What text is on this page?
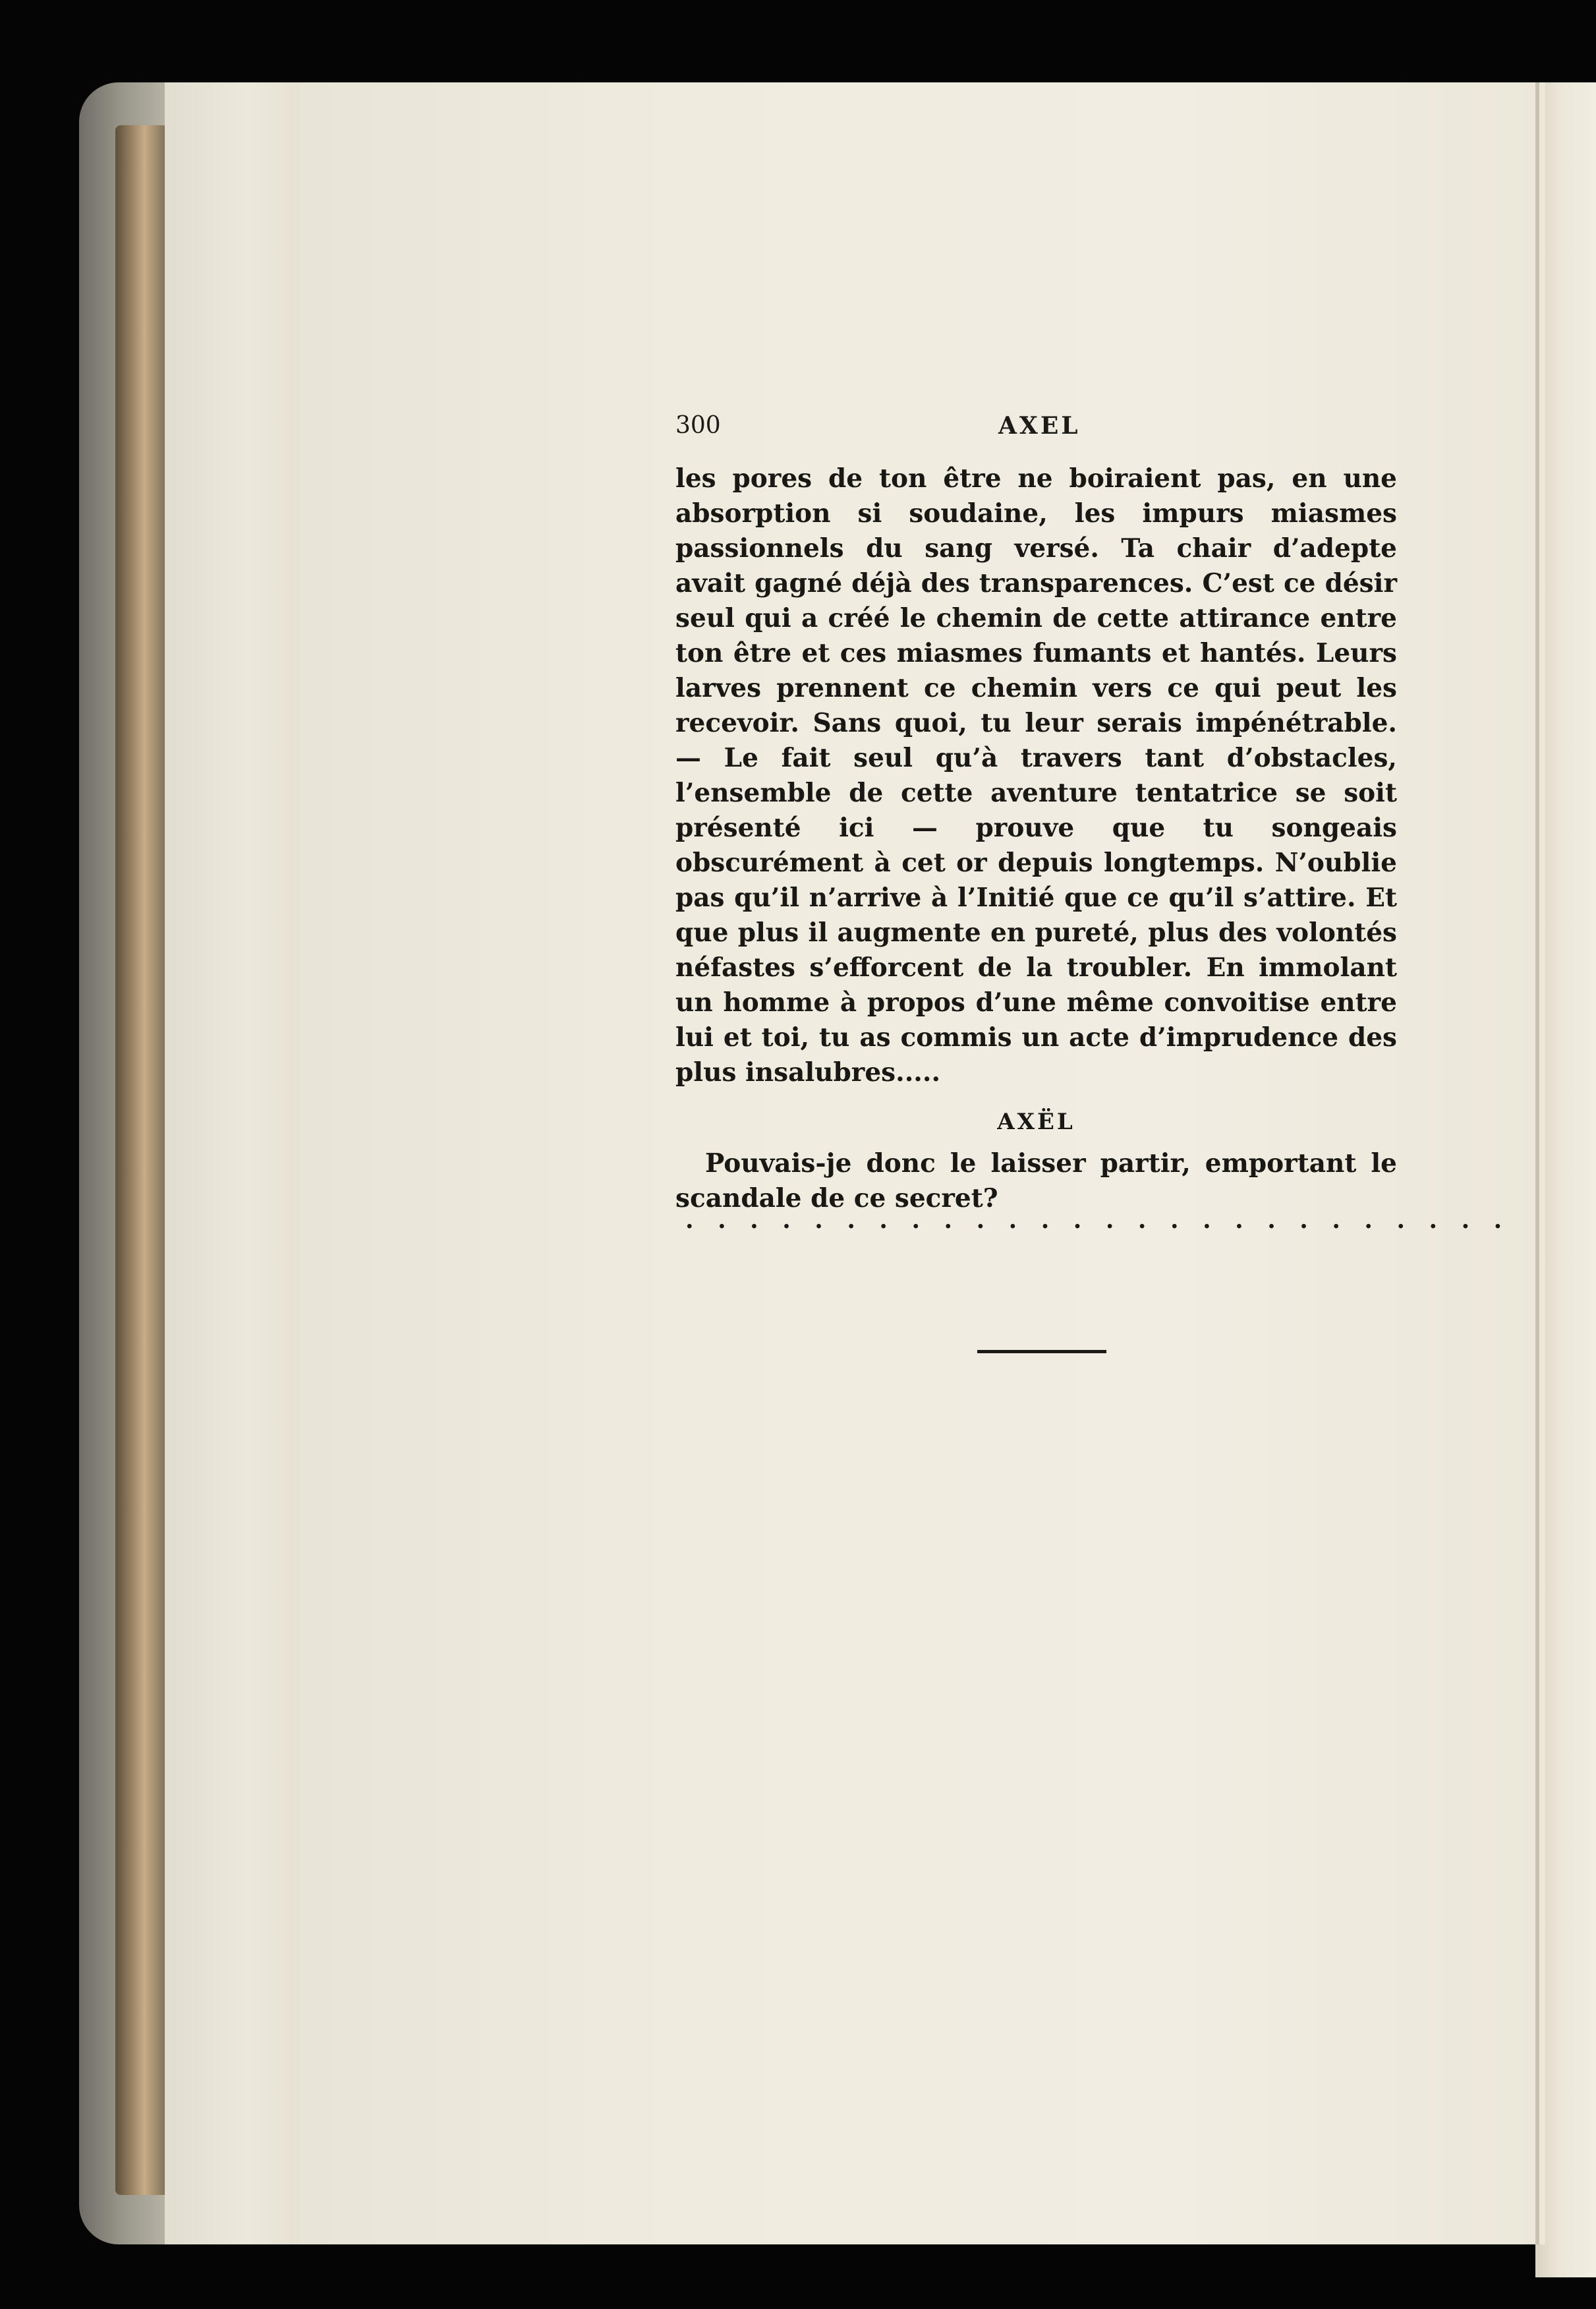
300	AXEL

les pores de ton être ne boiraient pas, en une absorption si soudaine, les impurs miasmes passionnels du sang versé. Ta chair d’adepte avait gagné déjà des transparences. C’est ce désir seul qui a créé le chemin de cette attirance entre ton être et ces miasmes fumants et hantés. Leurs larves prennent ce chemin vers ce qui peut les recevoir. Sans quoi, tu leur serais impénétrable. — Le fait seul qu’à travers tant d’obstacles, l’ensemble de cette aventure tentatrice se soit présenté ici — prouve que tu songeais obscurément à cet or depuis longtemps. N’oublie pas qu’il n’arrive à l’Initié que ce qu’il s’attire. Et que plus il augmente en pureté, plus des volontés néfastes s’efforcent de la troubler. En immolant un homme à propos d’une même convoitise entre lui et toi, tu as commis un acte d’imprudence des plus insalubres.....

AXËL

Pouvais-je donc le laisser partir, emportant le scandale de ce secret?

. . . . . . . . . . . . . . . . . . . . . . . . . .
